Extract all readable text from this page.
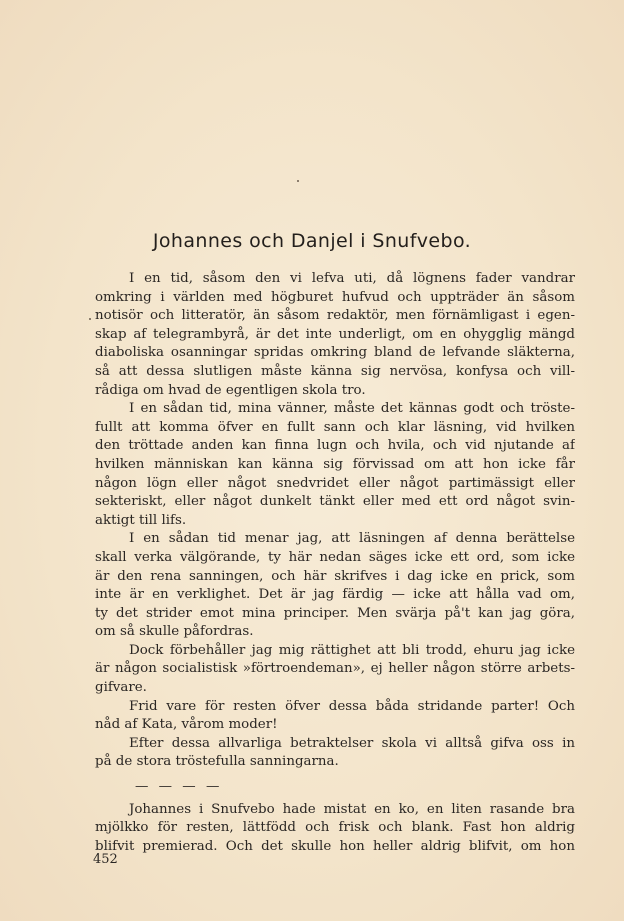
Johannes och Danjel i Snufvebo.
I en tid, såsom den vi lefva uti, då lögnens fader vandrar
omkring i världen med högburet hufvud och uppträder än såsom
notisör och litteratör, än såsom redaktör, men förnämligast i egen-
skap af telegrambyrå, är det inte underligt, om en ohygglig mängd
diaboliska osanningar spridas omkring bland de lefvande släkterna,
så att dessa slutligen måste känna sig nervösa, konfysa och vill-
rådiga om hvad de egentligen skola tro.
I en sådan tid, mina vänner, måste det kännas godt och tröste-
fullt att komma öfver en fullt sann och klar läsning, vid hvilken
den tröttade anden kan finna lugn och hvila, och vid njutande af
hvilken människan kan känna sig förvissad om att hon icke får
någon lögn eller något snedvridet eller något partimässigt eller
sekteriskt, eller något dunkelt tänkt eller med ett ord något svin-
aktigt till lifs.
I en sådan tid menar jag, att läsningen af denna berättelse
skall verka välgörande, ty här nedan säges icke ett ord, som icke
är den rena sanningen, och här skrifves i dag icke en prick, som
inte är en verklighet. Det är jag färdig — icke att hålla vad om,
ty det strider emot mina principer. Men svärja på't kan jag göra,
om så skulle påfordras.
Dock förbehåller jag mig rättighet att bli trodd, ehuru jag icke
är någon socialistisk »förtroendeman», ej heller någon större arbets-
gifvare.
Frid vare för resten öfver dessa båda stridande parter! Och
nåd af Kata, vårom moder!
Efter dessa allvarliga betraktelser skola vi alltså gifva oss in
på de stora tröstefulla sanningarna.
— — — —
Johannes i Snufvebo hade mistat en ko, en liten rasande bra
mjölkko för resten, lättfödd och frisk och blank. Fast hon aldrig
blifvit premierad. Och det skulle hon heller aldrig blifvit, om hon
452
